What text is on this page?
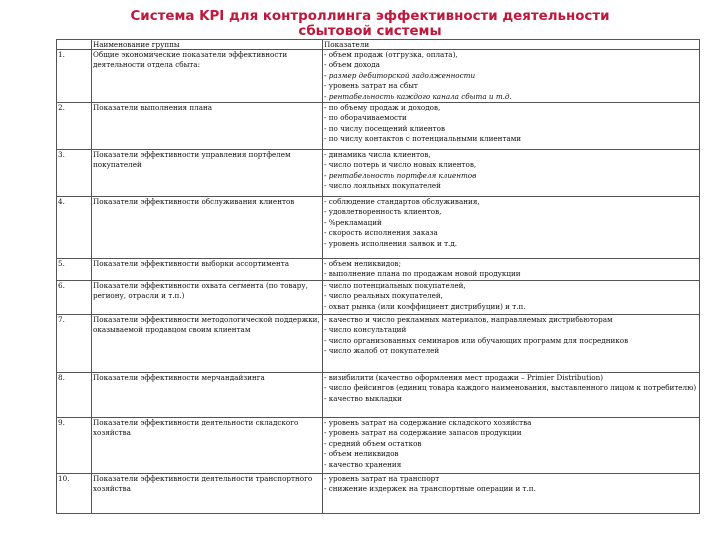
Система KPI для контроллинга эффективности деятельности сбытовой системы
	Наименование группы	Показатели
1.	Общие экономические показатели эффективности деятельности отдела сбыта:	- объем продаж (отгрузка, оплата),
- объем дохода
- размер дебиторской задолженности
- уровень затрат на сбыт
- рентабельность каждого канала сбыта и т.д.

2.	Показатели выполнения плана	- по объему продаж и доходов,
- по оборачиваемости
- по числу посещений клиентов
- по числу контактов с потенциальными клиентами

3.	Показатели эффективности управления портфелем покупателей	- динамика числа клиентов,
- число потерь и число новых клиентов,
- рентабельность портфеля клиентов
- число лояльных покупателей

4.	Показатели эффективности обслуживания клиентов	- соблюдение стандартов обслуживания,
- удовлетворенность клиентов,
- %рекламаций
- скорость исполнения заказа
- уровень исполнения заявок и т.д.

5.	Показатели эффективности выборки ассортимента	- объем неликвидов;
- выполнение плана по продажам новой продукции

6.	Показатели эффективности охвата сегмента (по товару, региону, отрасли и т.п.)	- число потенциальных покупателей,
- число реальных покупателей,
- охват рынка (или коэффициент дистрибуции) и т.п.

7.	Показатели эффективности методологической поддержки, оказываемой продавцом своим клиентам	- качество и число рекламных материалов, направляемых дистрибьюторам
- число консультаций
- число организованных семинаров или обучающих программ для посредников
- число жалоб от покупателей

8.	Показатели эффективности мерчандайзинга	- визибилити (качество оформления мест продажи – Primier Distribution)
- число фейсингов (единиц товара каждого наименования, выставленного лицом к потребителю)
- качество выкладки

9.	Показатели эффективности деятельности складского хозяйства	- уровень затрат на содержание складского хозяйства
- уровень затрат на содержание запасов продукции
- средний объем остатков
- объем неликвидов
- качество хранения

10.	Показатели эффективности деятельности транспортного хозяйства	- уровень затрат на транспорт
- снижение издержек на транспортные операции и т.п.
